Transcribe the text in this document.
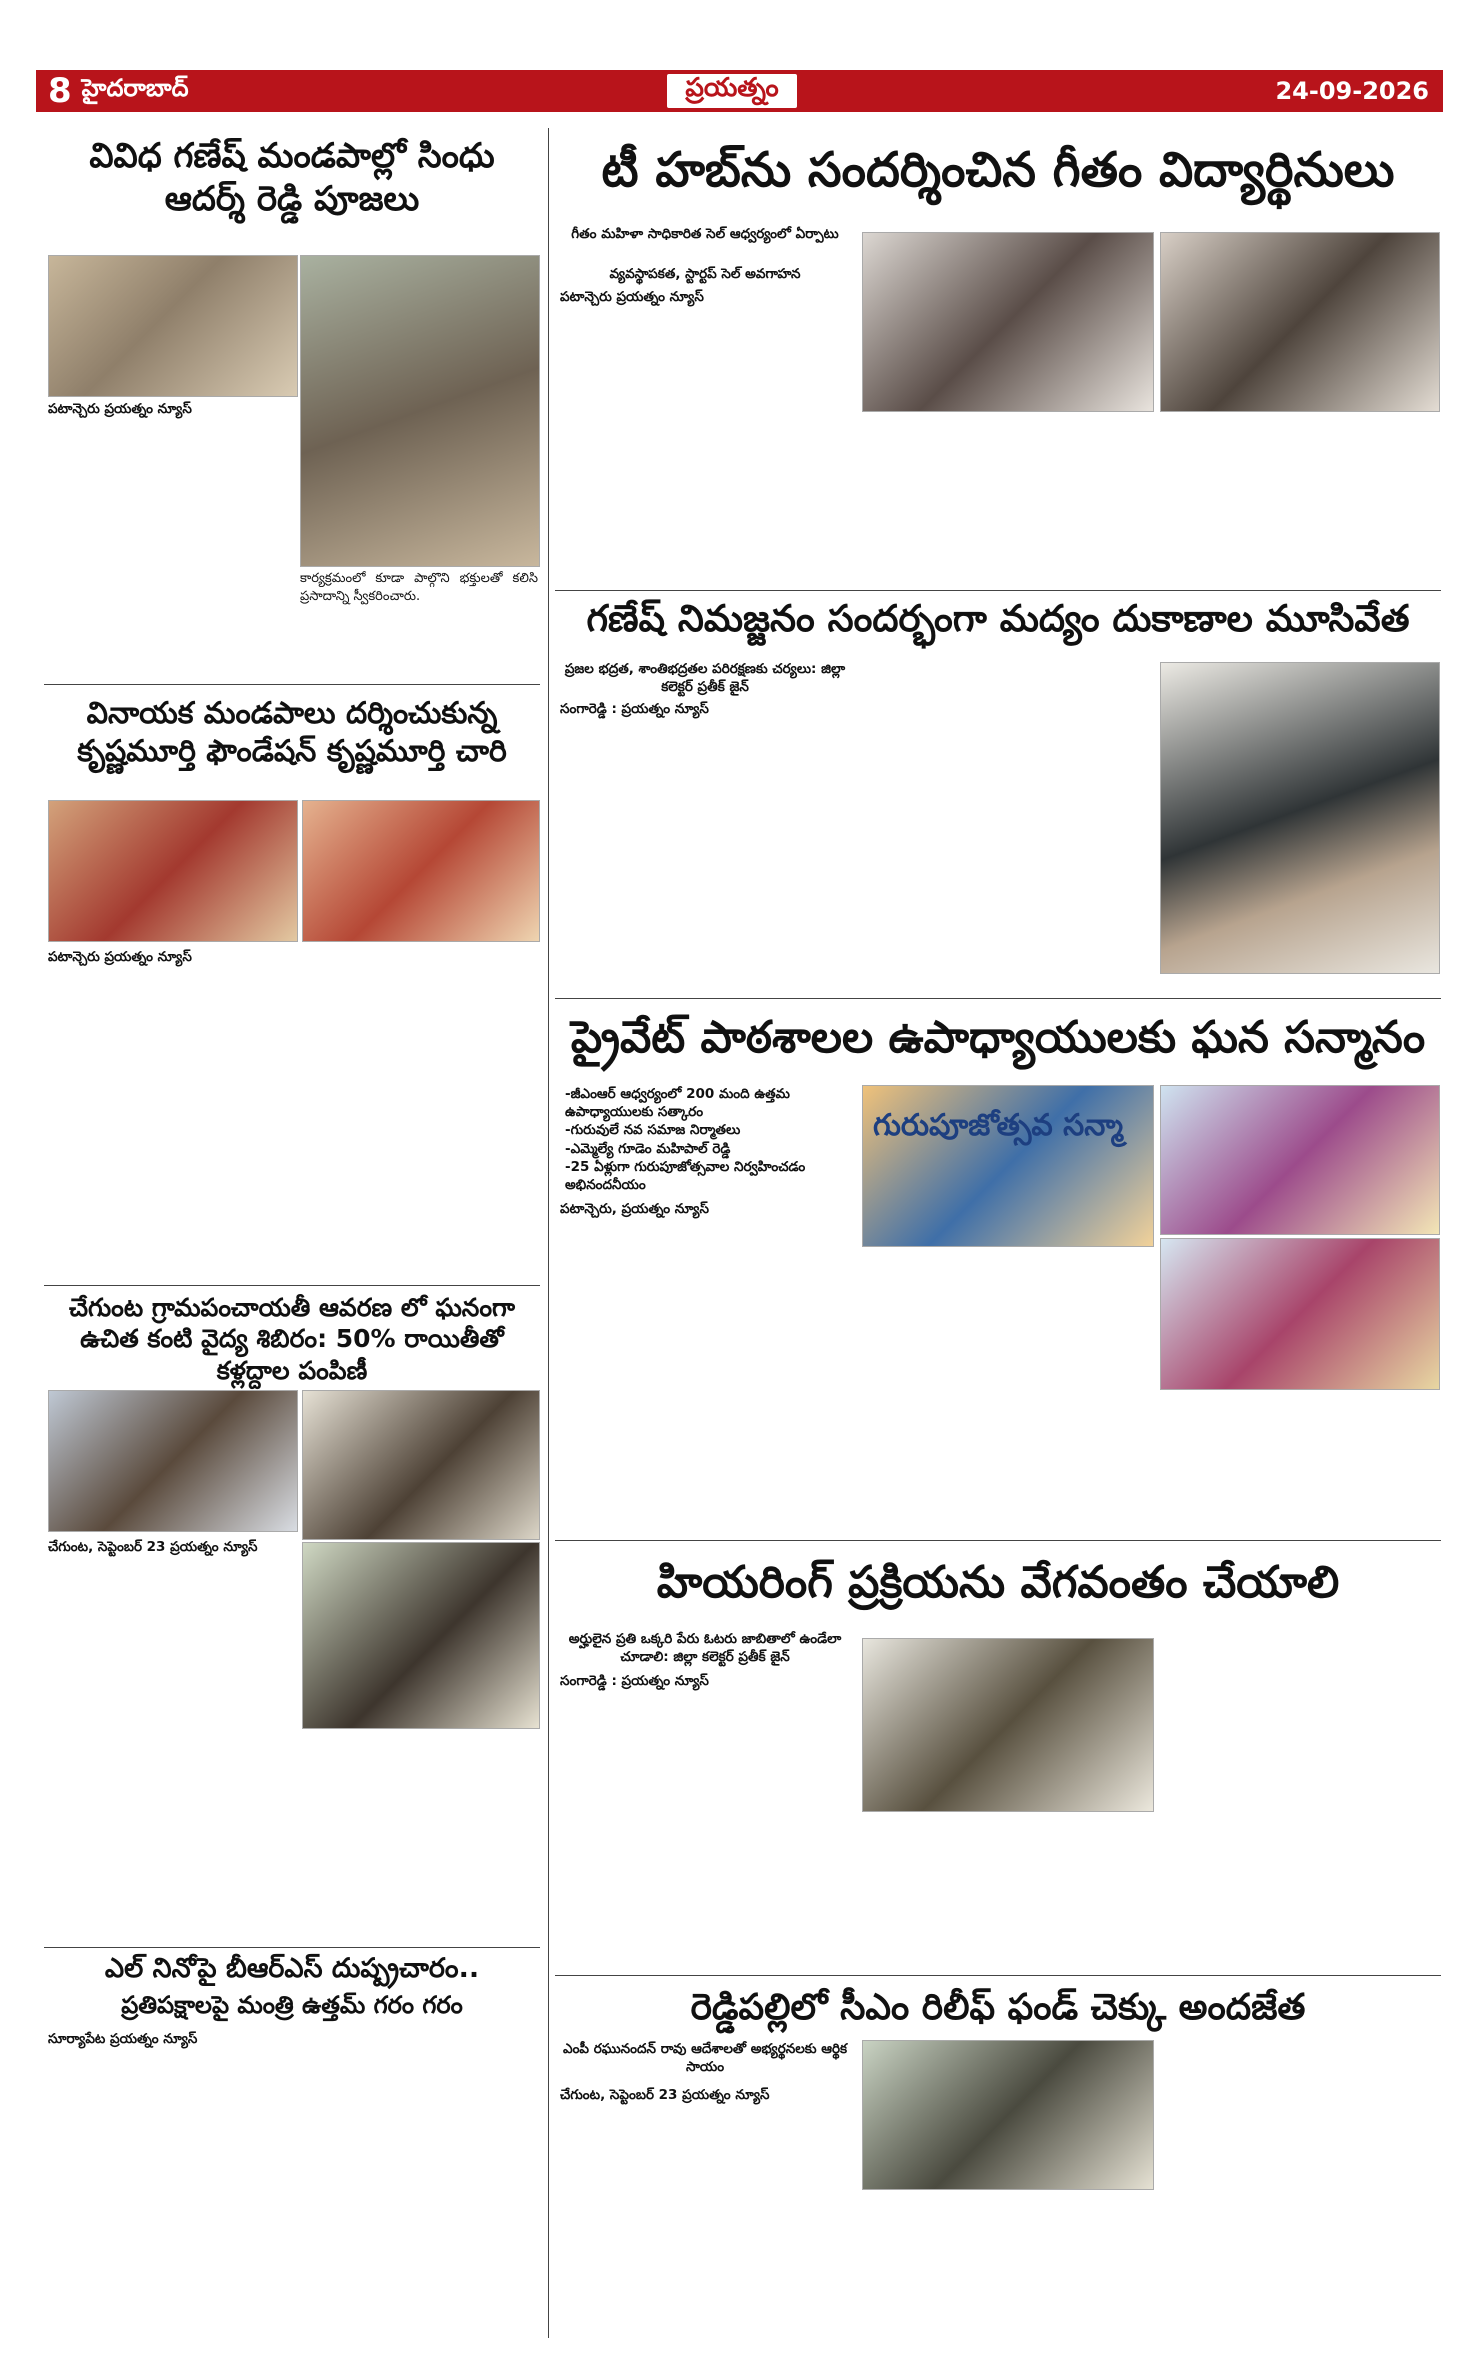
8 హైదరాబాద్	ప్రయత్నం	24-09-2026
వివిధ గణేష్ మండపాల్లో సింధు ఆదర్శ్ రెడ్డి పూజలు
పటాన్చెరు ప్రయత్నం న్యూస్
కార్యక్రమంలో కూడా పాల్గొని భక్తులతో కలిసి ప్రసాదాన్ని స్వీకరించారు.
వినాయక మండపాలు దర్శించుకున్న కృష్ణమూర్తి ఫౌండేషన్ కృష్ణమూర్తి చారి
పటాన్చెరు ప్రయత్నం న్యూస్
చేగుంట గ్రామపంచాయతీ ఆవరణ లో ఘనంగా ఉచిత కంటి వైద్య శిబిరం: 50% రాయితీతో కళ్లద్దాల పంపిణీ
చేగుంట, సెప్టెంబర్ 23 ప్రయత్నం న్యూస్
ఎల్ నినోపై బీఆర్ఎస్ దుష్ప్రచారం..
ప్రతిపక్షాలపై మంత్రి ఉత్తమ్ గరం గరం
సూర్యాపేట ప్రయత్నం న్యూస్
టీ హబ్‌ను సందర్శించిన గీతం విద్యార్థినులు
గీతం మహిళా సాధికారిత సెల్ ఆధ్వర్యంలో ఏర్పాటు
వ్యవస్థాపకత, స్టార్టప్ సెల్ అవగాహన
పటాన్చెరు ప్రయత్నం న్యూస్
గణేష్ నిమజ్జనం సందర్భంగా మద్యం దుకాణాల మూసివేత
ప్రజల భద్రత, శాంతిభద్రతల పరిరక్షణకు చర్యలు: జిల్లా కలెక్టర్ ప్రతీక్ జైన్
సంగారెడ్డి : ప్రయత్నం న్యూస్
ప్రైవేట్ పాఠశాలల ఉపాధ్యాయులకు ఘన సన్మానం
-జీఎంఆర్ ఆధ్వర్యంలో 200 మంది ఉత్తమ ఉపాధ్యాయులకు సత్కారం
-గురువులే నవ సమాజ నిర్మాతలు
-ఎమ్మెల్యే గూడెం మహిపాల్ రెడ్డి
-25 ఏళ్లుగా గురుపూజోత్సవాల నిర్వహించడం అభినందనీయం
పటాన్చెరు, ప్రయత్నం న్యూస్
గురుపూజోత్సవ సన్మా
హియరింగ్ ప్రక్రియను వేగవంతం చేయాలి
అర్హులైన ప్రతి ఒక్కరి పేరు ఓటరు జాబితాలో ఉండేలా చూడాలి: జిల్లా కలెక్టర్ ప్రతీక్ జైన్
సంగారెడ్డి : ప్రయత్నం న్యూస్
రెడ్డిపల్లిలో సీఎం రిలీఫ్ ఫండ్ చెక్కు అందజేత
ఎంపీ రఘునందన్ రావు ఆదేశాలతో అభ్యర్థనలకు ఆర్థిక సాయం
చేగుంట, సెప్టెంబర్ 23 ప్రయత్నం న్యూస్
